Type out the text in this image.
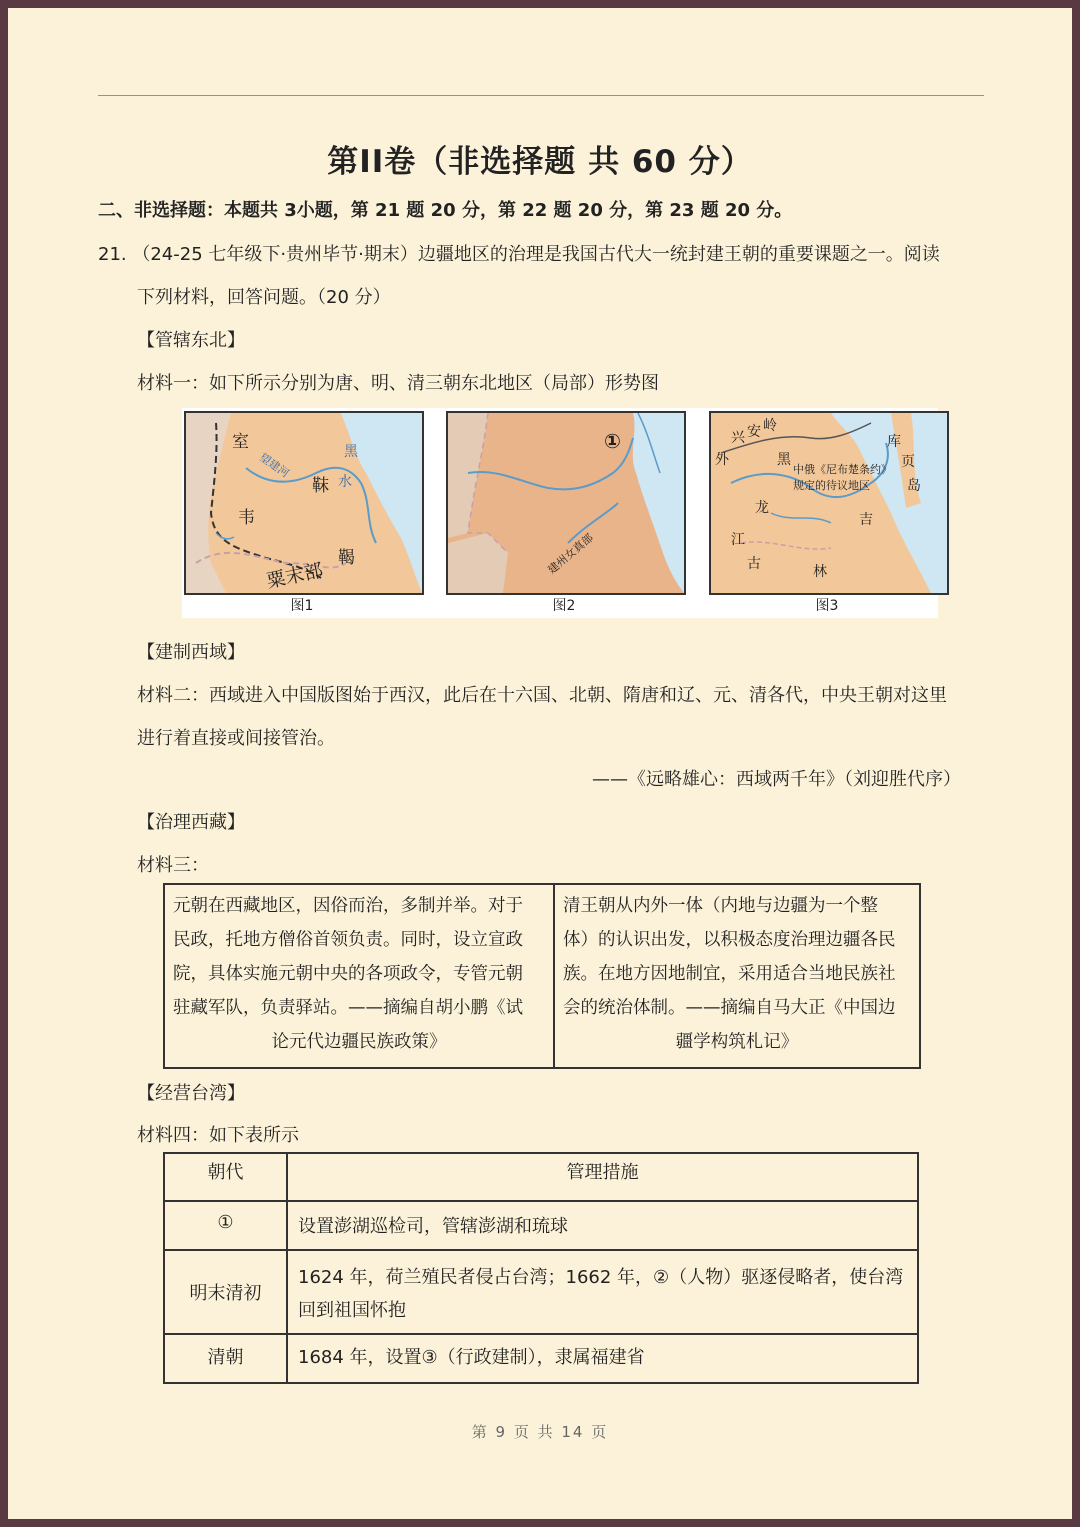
第II卷（非选择题 共 60 分）
二、非选择题：本题共 3小题，第 21 题 20 分，第 22 题 20 分，第 23 题 20 分。
21. （24-25 七年级下·贵州毕节·期末）边疆地区的治理是我国古代大一统封建王朝的重要课题之一。阅读
下列材料，回答问题。（20 分）
【管辖东北】
材料一：如下所示分别为唐、明、清三朝东北地区（局部）形势图
室
韦
黑
水
靺
粟末部
鞨
望建河
图1
①
建州女真部
图2
兴 安 岭
外	黑
中俄《尼布楚条约》
规定的待议地区
库
页
岛
龙
江
古
吉
林
图3
【建制西域】
材料二：西域进入中国版图始于西汉，此后在十六国、北朝、隋唐和辽、元、清各代，中央王朝对这里
进行着直接或间接管治。
——《远略雄心：西域两千年》（刘迎胜代序）
【治理西藏】
材料三：
元朝在西藏地区，因俗而治，多制并举。对于
民政，托地方僧俗首领负责。同时，设立宣政
院，具体实施元朝中央的各项政令，专管元朝
驻藏军队，负责驿站。——摘编自胡小鹏《试
论元代边疆民族政策》
清王朝从内外一体（内地与边疆为一个整
体）的认识出发，以积极态度治理边疆各民
族。在地方因地制宜，采用适合当地民族社
会的统治体制。——摘编自马大正《中国边
疆学构筑札记》
【经营台湾】
材料四：如下表所示
朝代	管理措施
①	设置澎湖巡检司，管辖澎湖和琉球
明末清初	1624 年，荷兰殖民者侵占台湾；1662 年，②（人物）驱逐侵略者，使台湾
回到祖国怀抱

清朝	1684 年，设置③（行政建制），隶属福建省
第 9 页 共 14 页
